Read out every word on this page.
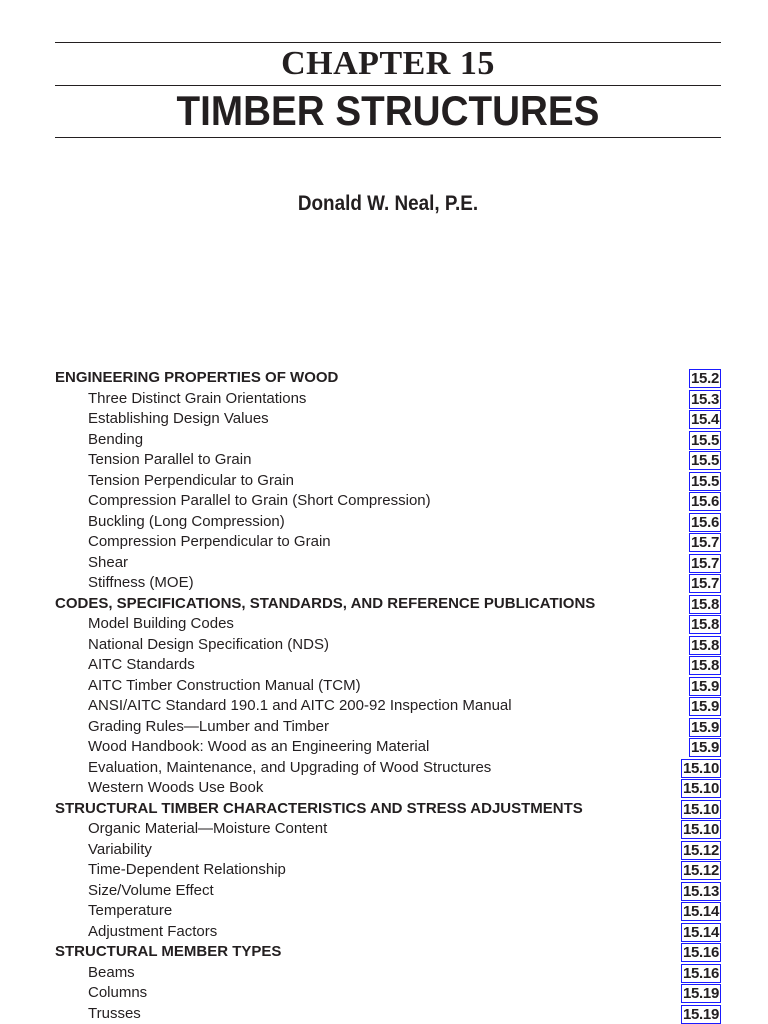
CHAPTER 15
TIMBER STRUCTURES
Donald W. Neal, P.E.
ENGINEERING PROPERTIES OF WOOD	15.2
Three Distinct Grain Orientations	15.3
Establishing Design Values	15.4
Bending	15.5
Tension Parallel to Grain	15.5
Tension Perpendicular to Grain	15.5
Compression Parallel to Grain (Short Compression)	15.6
Buckling (Long Compression)	15.6
Compression Perpendicular to Grain	15.7
Shear	15.7
Stiffness (MOE)	15.7
CODES, SPECIFICATIONS, STANDARDS, AND REFERENCE PUBLICATIONS	15.8
Model Building Codes	15.8
National Design Specification (NDS)	15.8
AITC Standards	15.8
AITC Timber Construction Manual (TCM)	15.9
ANSI/AITC Standard 190.1 and AITC 200-92 Inspection Manual	15.9
Grading Rules—Lumber and Timber	15.9
Wood Handbook: Wood as an Engineering Material	15.9
Evaluation, Maintenance, and Upgrading of Wood Structures	15.10
Western Woods Use Book	15.10
STRUCTURAL TIMBER CHARACTERISTICS AND STRESS ADJUSTMENTS	15.10
Organic Material—Moisture Content	15.10
Variability	15.12
Time-Dependent Relationship	15.12
Size/Volume Effect	15.13
Temperature	15.14
Adjustment Factors	15.14
STRUCTURAL MEMBER TYPES	15.16
Beams	15.16
Columns	15.19
Trusses	15.19
